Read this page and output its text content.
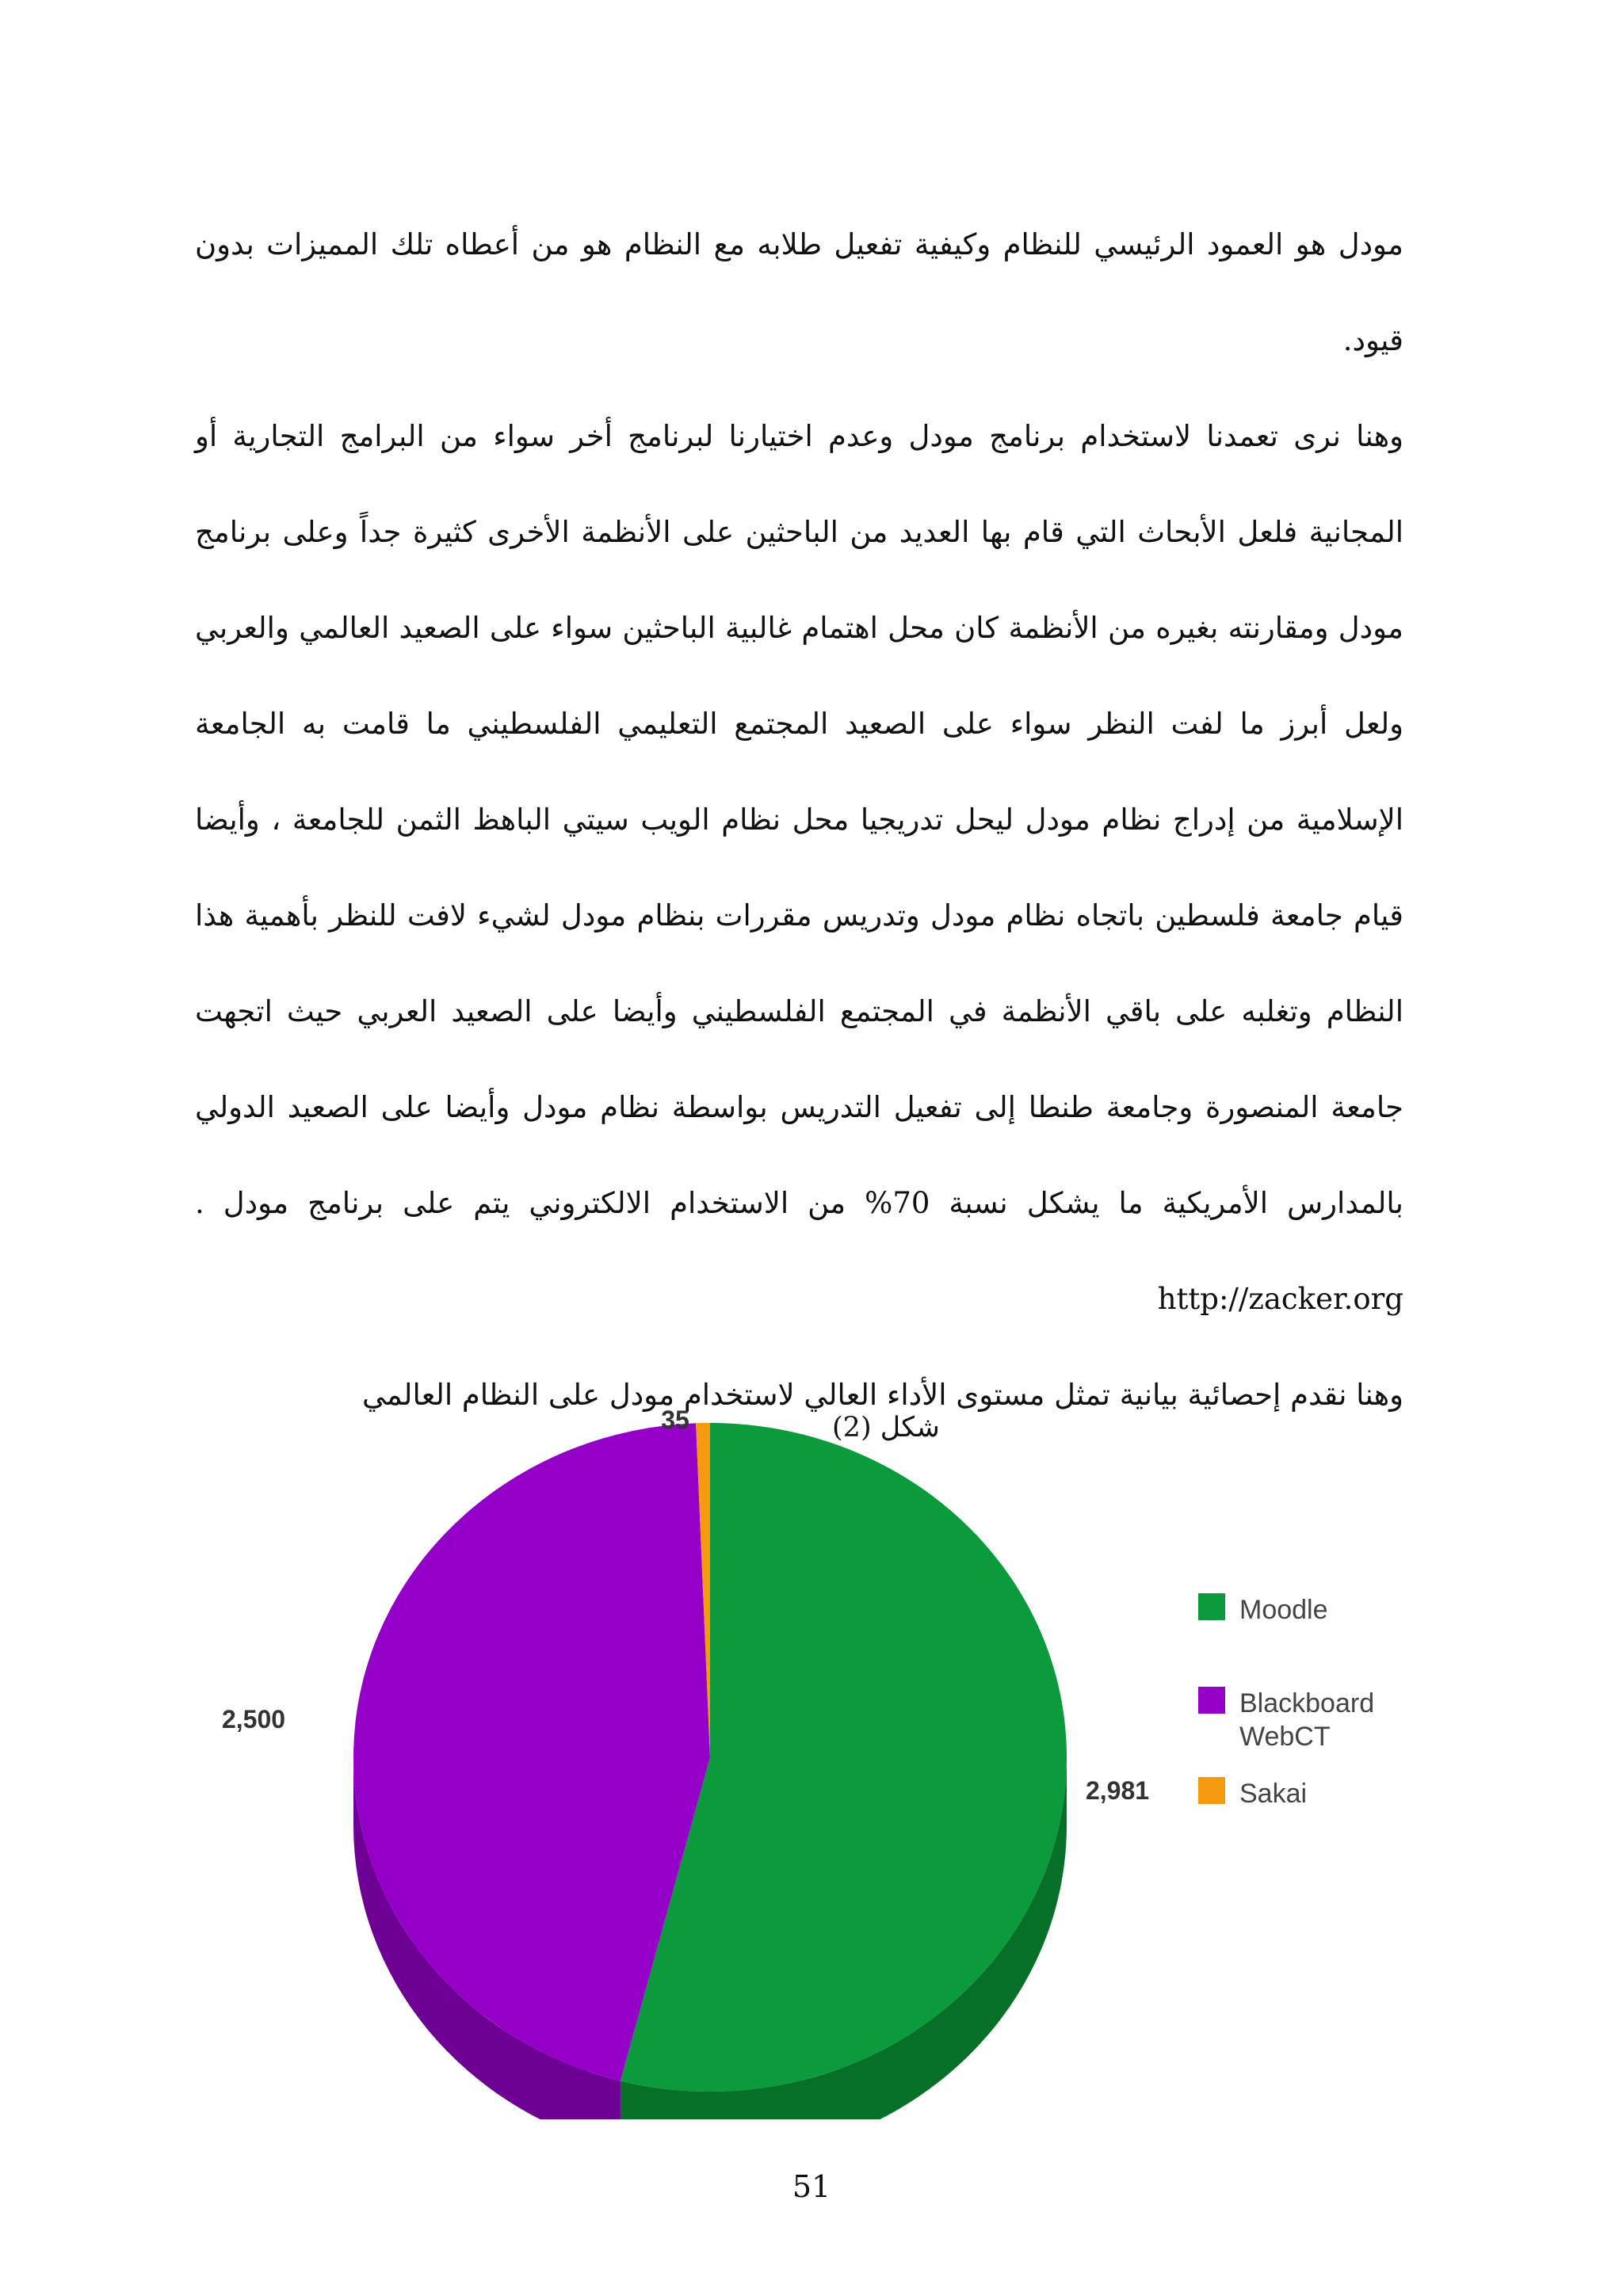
مودل هو العمود الرئيسي للنظام وكيفية تفعيل طلابه مع النظام هو من أعطاه تلك المميزات بدون قيود.

وهنا نرى تعمدنا لاستخدام برنامج مودل وعدم اختيارنا لبرنامج أخر سواء من البرامج التجارية أو المجانية فلعل الأبحاث التي قام بها العديد من الباحثين على الأنظمة الأخرى كثيرة جداً وعلى برنامج مودل ومقارنته بغيره من الأنظمة كان محل اهتمام غالبية الباحثين سواء على الصعيد العالمي والعربي ولعل أبرز ما لفت النظر سواء على الصعيد المجتمع التعليمي الفلسطيني ما قامت به الجامعة الإسلامية من إدراج نظام مودل ليحل تدريجيا محل نظام الويب سيتي الباهظ الثمن للجامعة ، وأيضا قيام جامعة فلسطين باتجاه نظام مودل وتدريس مقررات بنظام مودل لشيء لافت للنظر بأهمية هذا النظام وتغلبه على باقي الأنظمة في المجتمع الفلسطيني وأيضا على الصعيد العربي حيث اتجهت جامعة المنصورة وجامعة طنطا إلى تفعيل التدريس بواسطة نظام مودل وأيضا على الصعيد الدولي بالمدارس الأمريكية ما يشكل نسبة 70% من الاستخدام الالكتروني يتم على برنامج مودل . http://zacker.org

وهنا نقدم إحصائية بيانية تمثل مستوى الأداء العالي لاستخدام مودل على النظام العالمي

شكل (2)
2,981
2,500
35
Moodle
Blackboard
WebCT
Sakai
51
